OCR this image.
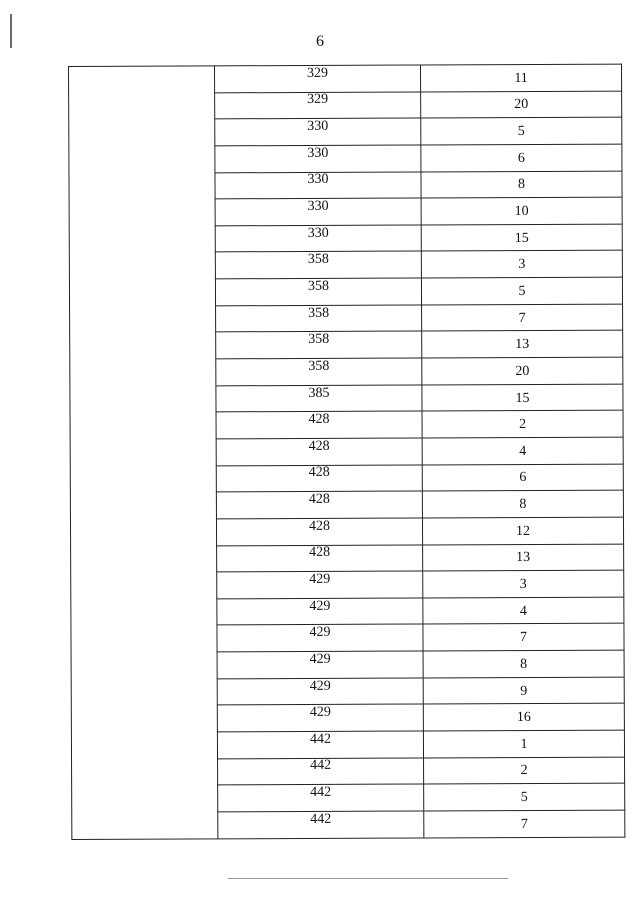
6
	329	11
	329	20
	330	5
	330	6
	330	8
	330	10
	330	15
	358	3
	358	5
	358	7
	358	13
	358	20
	385	15
	428	2
	428	4
	428	6
	428	8
	428	12
	428	13
	429	3
	429	4
	429	7
	429	8
	429	9
	429	16
	442	1
	442	2
	442	5
	442	7
